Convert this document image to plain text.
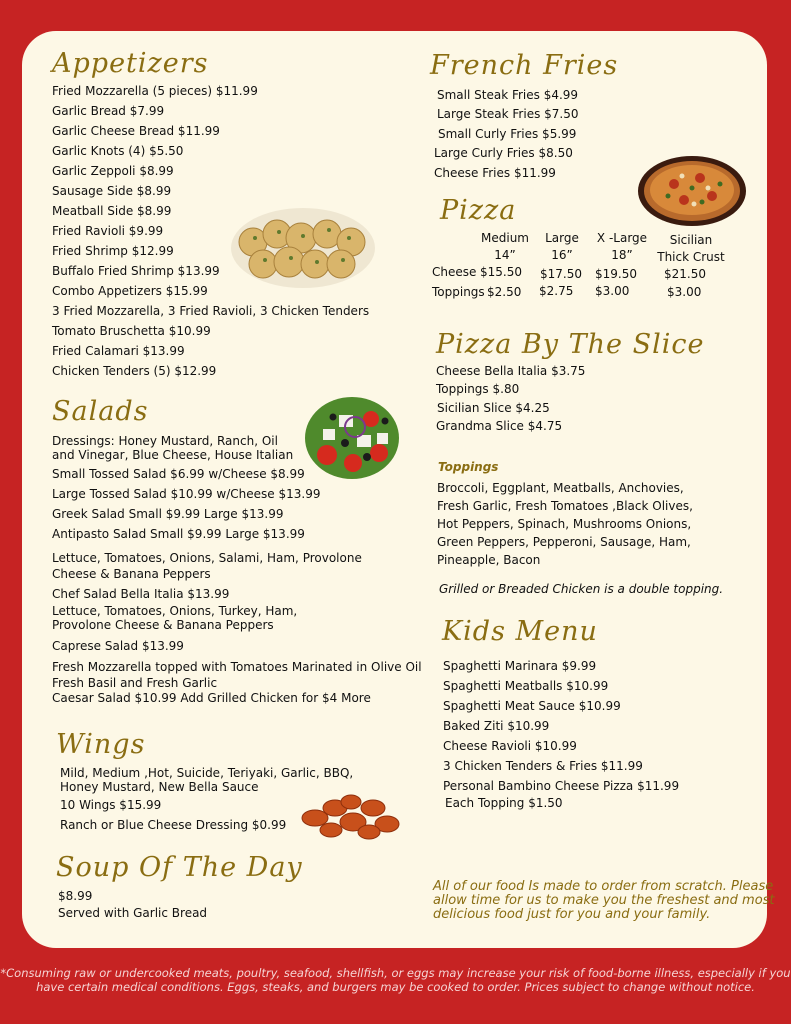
Appetizers
Fried Mozzarella (5 pieces) $11.99
Garlic Bread $7.99
Garlic Cheese Bread $11.99
Garlic Knots (4) $5.50
Garlic Zeppoli $8.99
Sausage Side $8.99
Meatball Side $8.99
Fried Ravioli $9.99
Fried Shrimp $12.99
Buffalo Fried Shrimp $13.99
Combo Appetizers $15.99
3 Fried Mozzarella, 3 Fried Ravioli, 3 Chicken Tenders
Tomato Bruschetta $10.99
Fried Calamari $13.99
Chicken Tenders (5) $12.99
Salads
Dressings: Honey Mustard, Ranch, Oil
and Vinegar, Blue Cheese, House Italian
Small Tossed Salad $6.99 w/Cheese $8.99
Large Tossed Salad $10.99 w/Cheese $13.99
Greek Salad Small $9.99 Large $13.99
Antipasto Salad Small $9.99 Large $13.99
Lettuce, Tomatoes, Onions, Salami, Ham, Provolone
Cheese & Banana Peppers
Chef Salad Bella Italia $13.99
Lettuce, Tomatoes, Onions, Turkey, Ham,
Provolone Cheese & Banana Peppers
Caprese Salad $13.99
Fresh Mozzarella topped with Tomatoes Marinated in Olive Oil
Fresh Basil and Fresh Garlic
Caesar Salad $10.99 Add Grilled Chicken for $4 More
Wings
Mild, Medium ,Hot, Suicide, Teriyaki, Garlic, BBQ,
Honey Mustard, New Bella Sauce
10 Wings $15.99
Ranch or Blue Cheese Dressing $0.99
Soup Of The Day
$8.99
Served with Garlic Bread
French Fries
Small Steak Fries $4.99
Large Steak Fries $7.50
Small Curly Fries $5.99
Large Curly Fries $8.50
Cheese Fries $11.99
Pizza
Medium
14”
Large
16”
X -Large
18”
Sicilian
Thick Crust
Cheese $15.50 $17.50 $19.50 $21.50
Toppings $2.50 $2.75 $3.00	$3.00
Pizza By The Slice
Cheese Bella Italia $3.75
Toppings $.80
Sicilian Slice $4.25
Grandma Slice $4.75
Toppings
Broccoli, Eggplant, Meatballs, Anchovies,
Fresh Garlic, Fresh Tomatoes ,Black Olives,
Hot Peppers, Spinach, Mushrooms Onions,
Green Peppers, Pepperoni, Sausage, Ham,
Pineapple, Bacon
Grilled or Breaded Chicken is a double topping.
Kids Menu
Spaghetti Marinara $9.99
Spaghetti Meatballs $10.99
Spaghetti Meat Sauce $10.99
Baked Ziti $10.99
Cheese Ravioli $10.99
3 Chicken Tenders & Fries $11.99
Personal Bambino Cheese Pizza $11.99
Each Topping $1.50
All of our food Is made to order from scratch. Please
allow time for us to make you the freshest and most
delicious food just for you and your family.
*Consuming raw or undercooked meats, poultry, seafood, shellfish, or eggs may increase your risk of food-borne illness, especially if you
have certain medical conditions. Eggs, steaks, and burgers may be cooked to order. Prices subject to change without notice.
